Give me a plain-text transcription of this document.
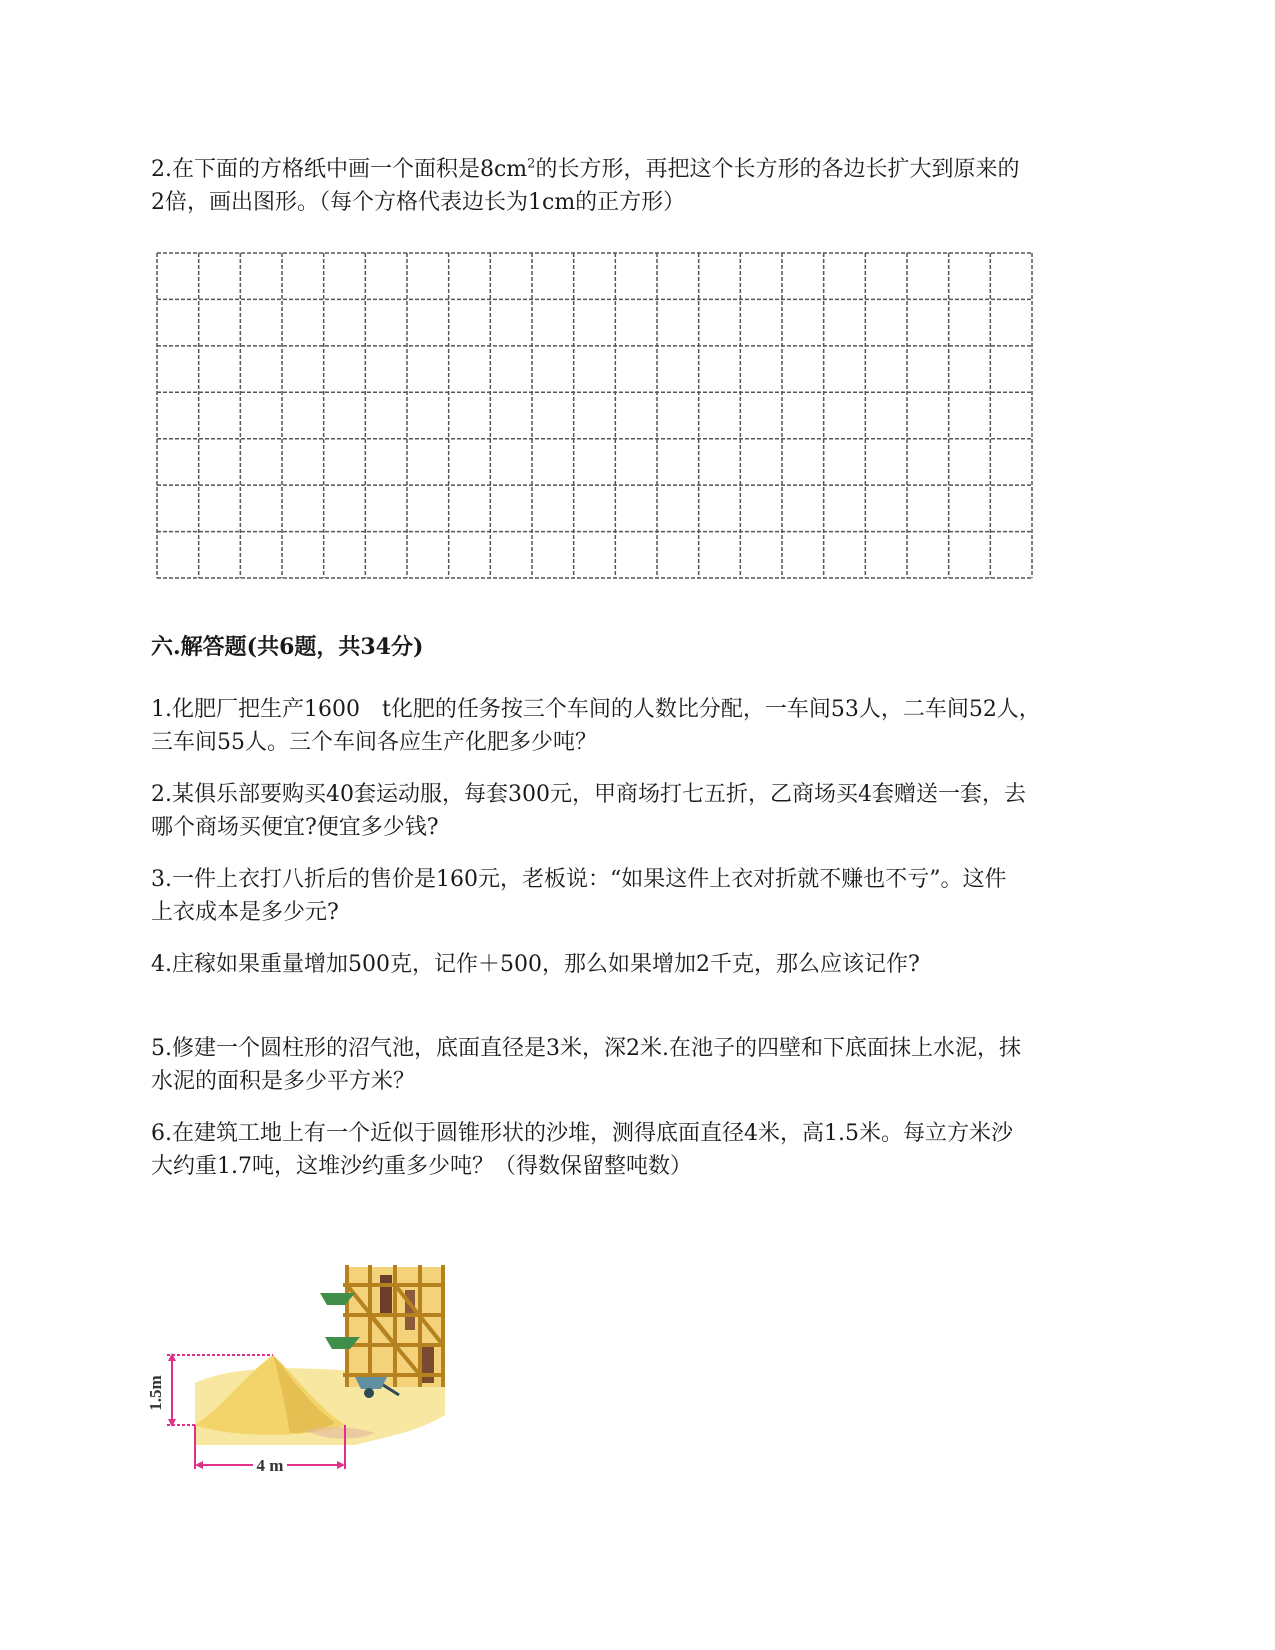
2.在下面的方格纸中画一个面积是$8cm^2$的长方形，再把这个长方形的各边长扩大到原来的
2倍，画出图形。（每个方格代表边长为1cm的正方形）

六.解答题(共6题，共34分)

1.化肥厂把生产1600　t化肥的任务按三个车间的人数比分配，一车间53人，二车间52人，
三车间55人。三个车间各应生产化肥多少吨？

2.某俱乐部要购买40套运动服，每套300元，甲商场打七五折，乙商场买4套赠送一套，去
哪个商场买便宜?便宜多少钱?

3.一件上衣打八折后的售价是160元，老板说：“如果这件上衣对折就不赚也不亏”。这件
上衣成本是多少元?

4.庄稼如果重量增加500克，记作＋500，那么如果增加2千克，那么应该记作?

5.修建一个圆柱形的沼气池，底面直径是3米，深2米.在池子的四壁和下底面抹上水泥，抹
水泥的面积是多少平方米？

6.在建筑工地上有一个近似于圆锥形状的沙堆，测得底面直径4米，高1.5米。每立方米沙
大约重1.7吨，这堆沙约重多少吨？（得数保留整吨数）

1.5m
4 m
